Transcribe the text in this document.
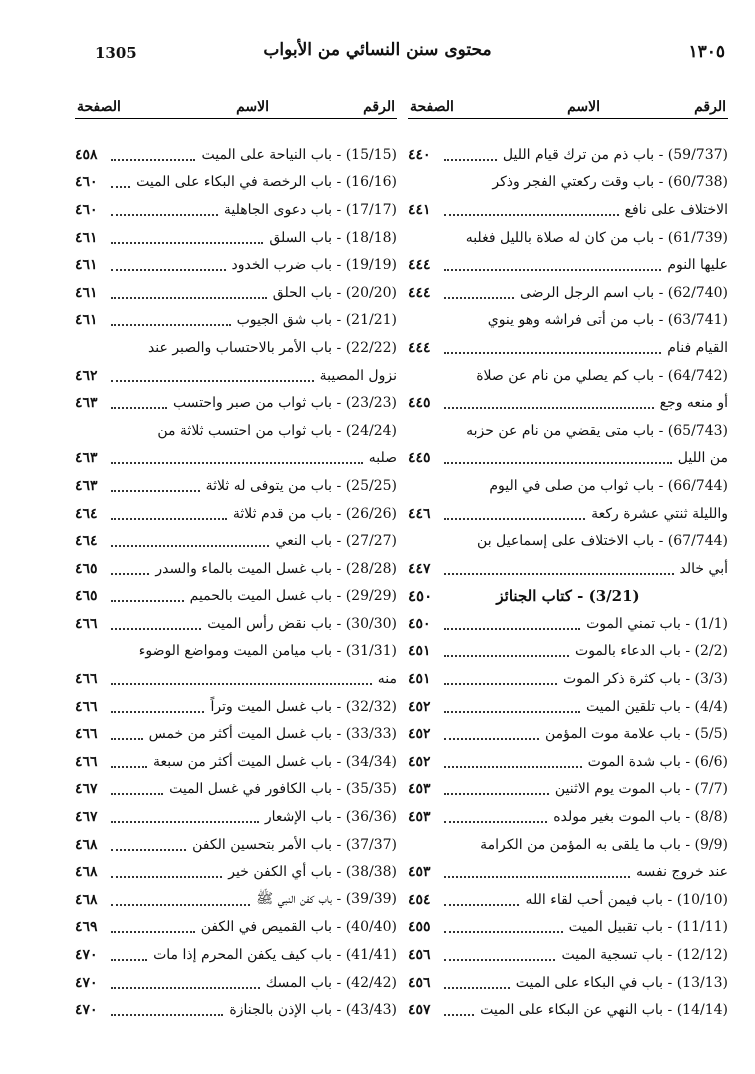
1305	محتوى سنن النسائي من الأبواب	١٣٠٥
الرقم
الاسم
الصفحة
(59/737) - باب ذم من ترك قيام الليل
٤٤٠
(60/738) - باب وقت ركعتي الفجر وذكر
الاختلاف على نافع
٤٤١
(61/739) - باب من كان له صلاة بالليل فغلبه
عليها النوم
٤٤٤
(62/740) - باب اسم الرجل الرضى
٤٤٤
(63/741) - باب من أتى فراشه وهو ينوي
القيام فنام
٤٤٤
(64/742) - باب كم يصلي من نام عن صلاة
أو منعه وجع
٤٤٥
(65/743) - باب متى يقضي من نام عن حزبه
من الليل
٤٤٥
(66/744) - باب ثواب من صلى في اليوم
والليلة ثنتي عشرة ركعة
٤٤٦
(67/744) - باب الاختلاف على إسماعيل بن
أبي خالد
٤٤٧
(3/21) - كتاب الجنائز
٤٥٠
(1/1) - باب تمني الموت
٤٥٠
(2/2) - باب الدعاء بالموت
٤٥١
(3/3) - باب كثرة ذكر الموت
٤٥١
(4/4) - باب تلقين الميت
٤٥٢
(5/5) - باب علامة موت المؤمن
٤٥٢
(6/6) - باب شدة الموت
٤٥٢
(7/7) - باب الموت يوم الاثنين
٤٥٣
(8/8) - باب الموت بغير مولده
٤٥٣
(9/9) - باب ما يلقى به المؤمن من الكرامة
عند خروج نفسه
٤٥٣
(10/10) - باب فيمن أحب لقاء الله
٤٥٤
(11/11) - باب تقبيل الميت
٤٥٥
(12/12) - باب تسجية الميت
٤٥٦
(13/13) - باب في البكاء على الميت
٤٥٦
(14/14) - باب النهي عن البكاء على الميت
٤٥٧
الرقم
الاسم
الصفحة
(15/15) - باب النياحة على الميت
٤٥٨
(16/16) - باب الرخصة في البكاء على الميت
٤٦٠
(17/17) - باب دعوى الجاهلية
٤٦٠
(18/18) - باب السلق
٤٦١
(19/19) - باب ضرب الخدود
٤٦١
(20/20) - باب الحلق
٤٦١
(21/21) - باب شق الجيوب
٤٦١
(22/22) - باب الأمر بالاحتساب والصبر عند
نزول المصيبة
٤٦٢
(23/23) - باب ثواب من صبر واحتسب
٤٦٣
(24/24) - باب ثواب من احتسب ثلاثة من
صلبه
٤٦٣
(25/25) - باب من يتوفى له ثلاثة
٤٦٣
(26/26) - باب من قدم ثلاثة
٤٦٤
(27/27) - باب النعي
٤٦٤
(28/28) - باب غسل الميت بالماء والسدر
٤٦٥
(29/29) - باب غسل الميت بالحميم
٤٦٥
(30/30) - باب نقض رأس الميت
٤٦٦
(31/31) - باب ميامن الميت ومواضع الوضوء
منه
٤٦٦
(32/32) - باب غسل الميت وتراً
٤٦٦
(33/33) - باب غسل الميت أكثر من خمس
٤٦٦
(34/34) - باب غسل الميت أكثر من سبعة
٤٦٦
(35/35) - باب الكافور في غسل الميت
٤٦٧
(36/36) - باب الإشعار
٤٦٧
(37/37) - باب الأمر بتحسين الكفن
٤٦٨
(38/38) - باب أي الكفن خير
٤٦٨
(39/39) - باب كفن النبي ﷺ
٤٦٨
(40/40) - باب القميص في الكفن
٤٦٩
(41/41) - باب كيف يكفن المحرم إذا مات
٤٧٠
(42/42) - باب المسك
٤٧٠
(43/43) - باب الإذن بالجنازة
٤٧٠
